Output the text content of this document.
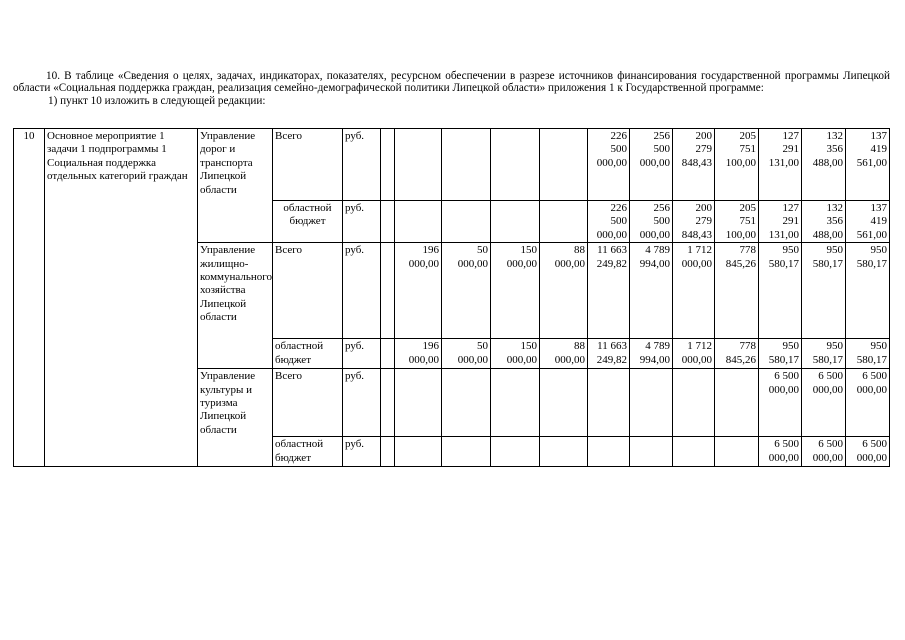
10. В таблице «Сведения о целях, задачах, индикаторах, показателях, ресурсном обеспечении в разрезе источников финансирования государственной программы Липецкой области «Социальная поддержка граждан, реализация семейно-демографической политики Липецкой области» приложения 1 к Государственной программе:

1) пункт 10 изложить в следующей редакции:

10	Основное мероприятие 1 задачи 1 подпрограммы 1 Социальная поддержка отдельных категорий граждан	Управление дорог и транспорта Липецкой области	Всего	руб.						226
500
000,00	256
500
000,00	200
279
848,43	205
751
100,00	127
291
131,00	132
356
488,00	137
419
561,00
			областной бюджет	руб.						226
500
000,00	256
500
000,00	200
279
848,43	205
751
100,00	127
291
131,00	132
356
488,00	137
419
561,00
		Управление жилищно-коммунального хозяйства Липецкой области	Всего	руб.		196
000,00	50
000,00	150
000,00	88
000,00	11 663
249,82	4 789
994,00	1 712
000,00	778
845,26	950
580,17	950
580,17	950
580,17
			областной бюджет	руб.		196
000,00	50
000,00	150
000,00	88
000,00	11 663
249,82	4 789
994,00	1 712
000,00	778
845,26	950
580,17	950
580,17	950
580,17
		Управление культуры и туризма Липецкой области	Всего	руб.										6 500
000,00	6 500
000,00	6 500
000,00
			областной бюджет	руб.										6 500
000,00	6 500
000,00	6 500
000,00
